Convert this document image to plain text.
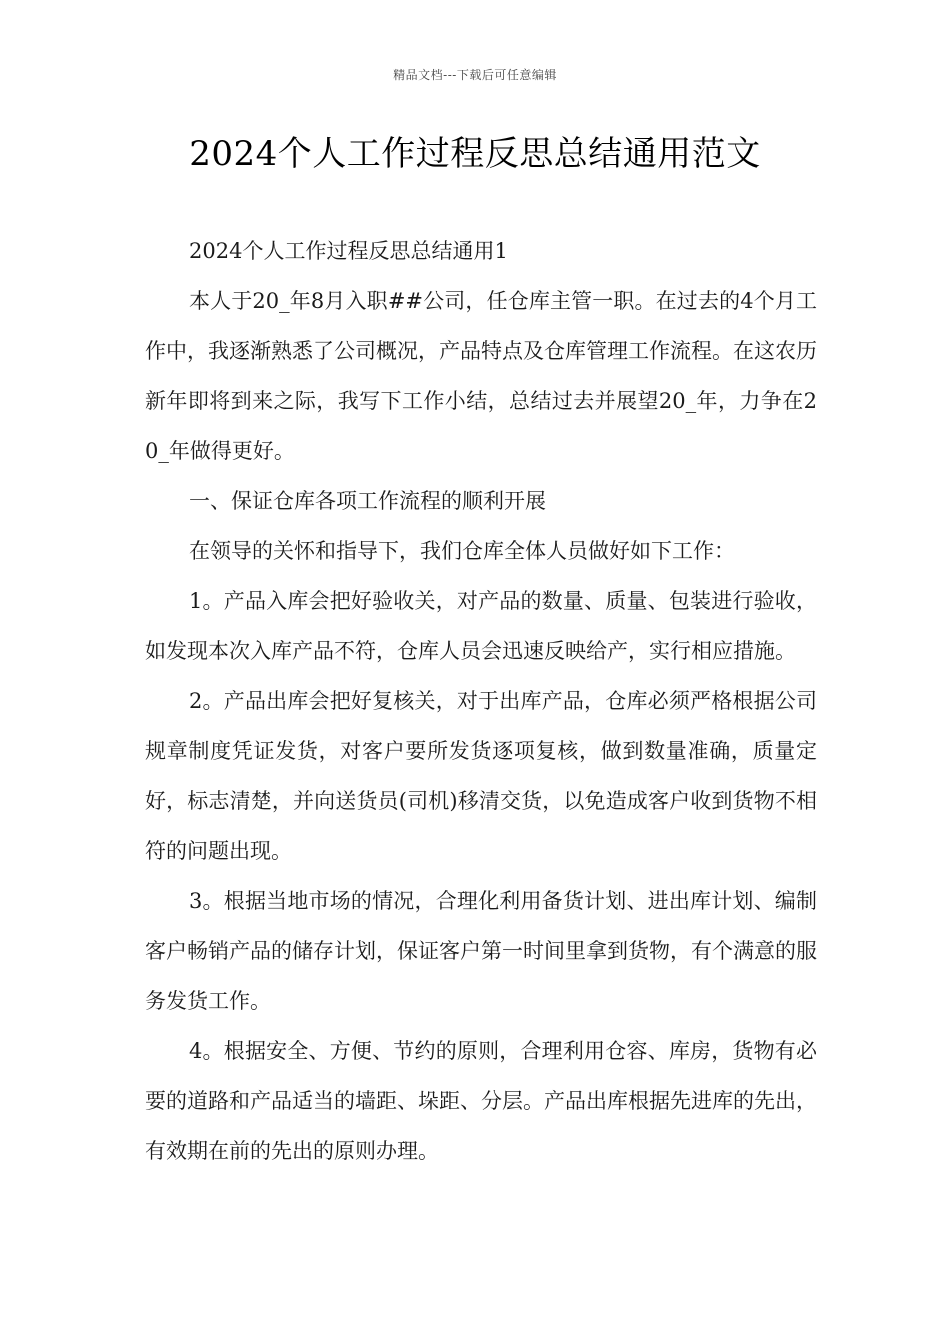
精品文档---下载后可任意编辑
2024个人工作过程反思总结通用范文

2024个人工作过程反思总结通用1

本人于20_年8月入职##公司，任仓库主管一职。在过去的4个月工作中，我逐渐熟悉了公司概况，产品特点及仓库管理工作流程。在这农历新年即将到来之际，我写下工作小结，总结过去并展望20_年，力争在20_年做得更好。

一、保证仓库各项工作流程的顺利开展

在领导的关怀和指导下，我们仓库全体人员做好如下工作：

1。产品入库会把好验收关，对产品的数量、质量、包装进行验收，如发现本次入库产品不符，仓库人员会迅速反映给产，实行相应措施。

2。产品出库会把好复核关，对于出库产品，仓库必须严格根据公司规章制度凭证发货，对客户要所发货逐项复核，做到数量准确，质量定好，标志清楚，并向送货员(司机)移清交货，以免造成客户收到货物不相符的问题出现。

3。根据当地市场的情况，合理化利用备货计划、进出库计划、编制客户畅销产品的储存计划，保证客户第一时间里拿到货物，有个满意的服务发货工作。

4。根据安全、方便、节约的原则，合理利用仓容、库房，货物有必要的道路和产品适当的墙距、垛距、分层。产品出库根据先进库的先出，有效期在前的先出的原则办理。
